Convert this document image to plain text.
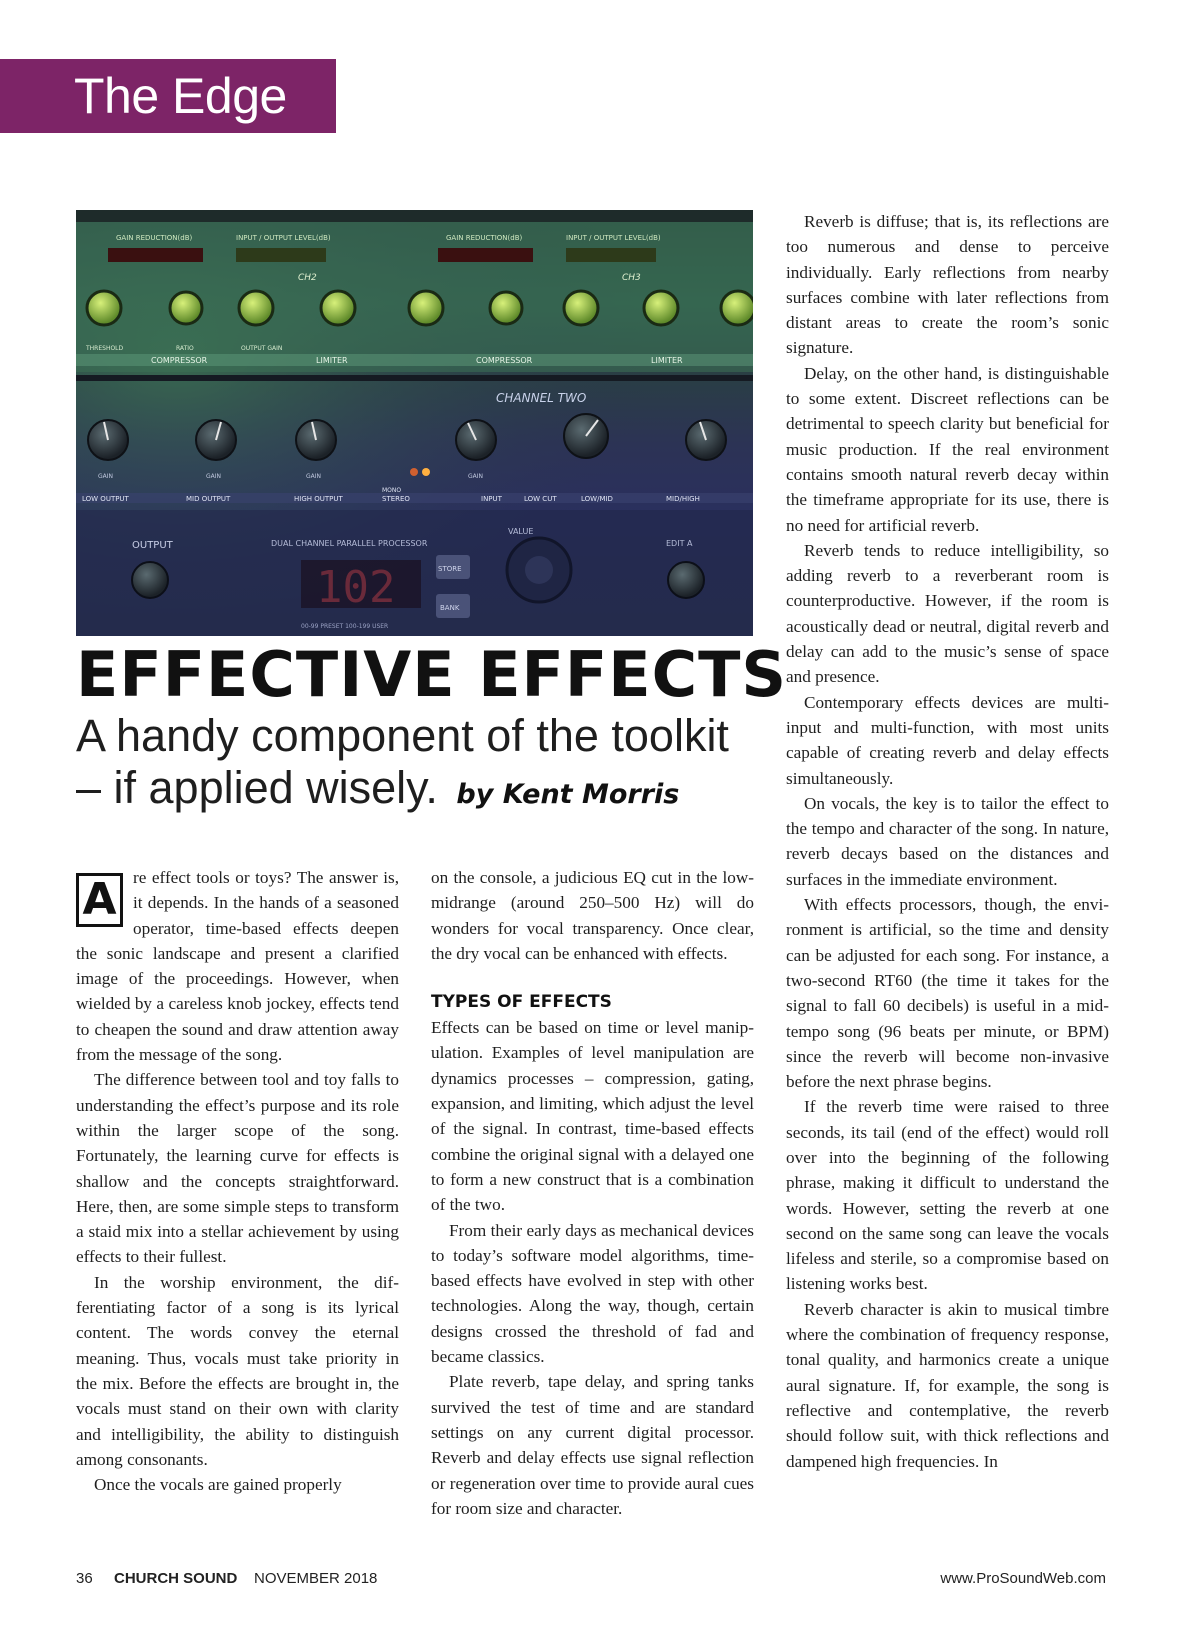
The Edge
GAIN REDUCTION(dB)	INPUT / OUTPUT LEVEL(dB)	GAIN REDUCTION(dB)	INPUT / OUTPUT LEVEL(dB)
CH2	CH3
THRESHOLD	RATIO	OUTPUT GAIN
COMPRESSOR	LIMITER	COMPRESSOR	LIMITER
CHANNEL TWO
GAIN	GAIN	GAIN	GAIN
LOW OUTPUT	MID OUTPUT	HIGH OUTPUT
MONO
STEREO	INPUT	LOW CUT	LOW/MID	MID/HIGH
OUTPUT	DUAL CHANNEL PARALLEL PROCESSOR
VALUE
102	STORE
BANK
EDIT A
00-99 PRESET 100-199 USER
EFFECTIVE EFFECTS
A handy component of the toolkit – if applied wisely. by Kent Morris

A re effect tools or toys? The answer is, it depends. In the hands of a seasoned operator, time-based effects deepen the sonic landscape and present a clarified image of the proceedings. However, when wielded by a careless knob jockey, effects tend to cheapen the sound and draw attention away from the message of the song.

The difference between tool and toy falls to understanding the effect’s purpose and its role within the larger scope of the song. Fortunately, the learning curve for effects is shallow and the concepts straightforward. Here, then, are some simple steps to transform a staid mix into a stellar achievement by using effects to their fullest.

In the worship environment, the differentiating factor of a song is its lyrical content. The words convey the eternal meaning. Thus, vocals must take priority in the mix. Before the effects are brought in, the vocals must stand on their own with clarity and intelligibility, the ability to distinguish among consonants.

Once the vocals are gained properly

on the console, a judicious EQ cut in the low-midrange (around 250–500 Hz) will do wonders for vocal transparency. Once clear, the dry vocal can be enhanced with effects.

TYPES OF EFFECTS

Effects can be based on time or level manipulation. Examples of level manipulation are dynamics processes – compression, gating, expansion, and limiting, which adjust the level of the signal. In contrast, time-based effects combine the original signal with a delayed one to form a new construct that is a combination of the two.

From their early days as mechanical devices to today’s software model algorithms, time-based effects have evolved in step with other technologies. Along the way, though, certain designs crossed the threshold of fad and became classics.

Plate reverb, tape delay, and spring tanks survived the test of time and are standard settings on any current digital processor. Reverb and delay effects use signal reflection or regeneration over time to provide aural cues for room size and character.

Reverb is diffuse; that is, its reflections are too numerous and dense to perceive individually. Early reflections from nearby surfaces combine with later reflections from distant areas to create the room’s sonic signature.

Delay, on the other hand, is distinguishable to some extent. Discreet reflections can be detrimental to speech clarity but beneficial for music production. If the real environment contains smooth natural reverb decay within the timeframe appropriate for its use, there is no need for artificial reverb.

Reverb tends to reduce intelligibility, so adding reverb to a reverberant room is counterproductive. However, if the room is acoustically dead or neutral, digital reverb and delay can add to the music’s sense of space and presence.

Contemporary effects devices are multi-input and multi-function, with most units capable of creating reverb and delay effects simultaneously.

On vocals, the key is to tailor the effect to the tempo and character of the song. In nature, reverb decays based on the distances and surfaces in the immediate environment.

With effects processors, though, the environment is artificial, so the time and density can be adjusted for each song. For instance, a two-second RT60 (the time it takes for the signal to fall 60 decibels) is useful in a mid-tempo song (96 beats per minute, or BPM) since the reverb will become non-invasive before the next phrase begins.

If the reverb time were raised to three seconds, its tail (end of the effect) would roll over into the beginning of the following phrase, making it difficult to understand the words. However, setting the reverb at one second on the same song can leave the vocals lifeless and sterile, so a compromise based on listening works best.

Reverb character is akin to musical timbre where the combination of frequency response, tonal quality, and harmonics create a unique aural signature. If, for example, the song is reflective and contemplative, the reverb should follow suit, with thick reflections and dampened high frequencies. In

36 CHURCH SOUND NOVEMBER 2018	www.ProSoundWeb.com
